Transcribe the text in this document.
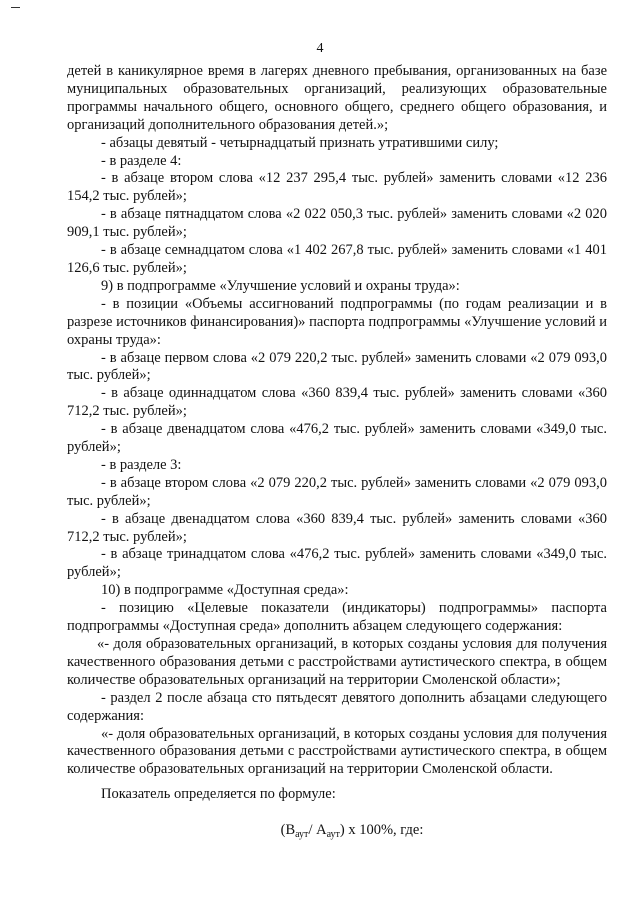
4

детей в каникулярное время в лагерях дневного пребывания, организованных на базе муниципальных образовательных организаций, реализующих образовательные программы начального общего, основного общего, среднего общего образования, и организаций дополнительного образования детей.»;

- абзацы девятый - четырнадцатый признать утратившими силу;

- в разделе 4:

- в абзаце втором слова «12 237 295,4 тыс. рублей» заменить словами «12 236 154,2 тыс. рублей»;

- в абзаце пятнадцатом слова «2 022 050,3 тыс. рублей» заменить словами «2 020 909,1 тыс. рублей»;

- в абзаце семнадцатом слова «1 402 267,8 тыс. рублей» заменить словами «1 401 126,6 тыс. рублей»;

9) в подпрограмме «Улучшение условий и охраны труда»:

- в позиции «Объемы ассигнований подпрограммы (по годам реализации и в разрезе источников финансирования)» паспорта подпрограммы «Улучшение условий и охраны труда»:

- в абзаце первом слова «2 079 220,2 тыс. рублей» заменить словами «2 079 093,0 тыс. рублей»;

- в абзаце одиннадцатом слова «360 839,4 тыс. рублей» заменить словами «360 712,2 тыс. рублей»;

- в абзаце двенадцатом слова «476,2 тыс. рублей» заменить словами «349,0 тыс. рублей»;

- в разделе 3:

- в абзаце втором слова «2 079 220,2 тыс. рублей» заменить словами «2 079 093,0 тыс. рублей»;

- в абзаце двенадцатом слова «360 839,4 тыс. рублей» заменить словами «360 712,2 тыс. рублей»;

- в абзаце тринадцатом слова «476,2 тыс. рублей» заменить словами «349,0 тыс. рублей»;

10) в подпрограмме «Доступная среда»:

- позицию «Целевые показатели (индикаторы) подпрограммы» паспорта подпрограммы «Доступная среда» дополнить абзацем следующего содержания:

«- доля образовательных организаций, в которых созданы условия для получения качественного образования детьми с расстройствами аутистического спектра, в общем количестве образовательных организаций на территории Смоленской области»;

- раздел 2 после абзаца сто пятьдесят девятого дополнить абзацами следующего содержания:

«- доля образовательных организаций, в которых созданы условия для получения качественного образования детьми с расстройствами аутистического спектра, в общем количестве образовательных организаций на территории Смоленской области.

Показатель определяется по формуле:

($B_{аут}/$ $A_{аут}$) x 100%, где:
